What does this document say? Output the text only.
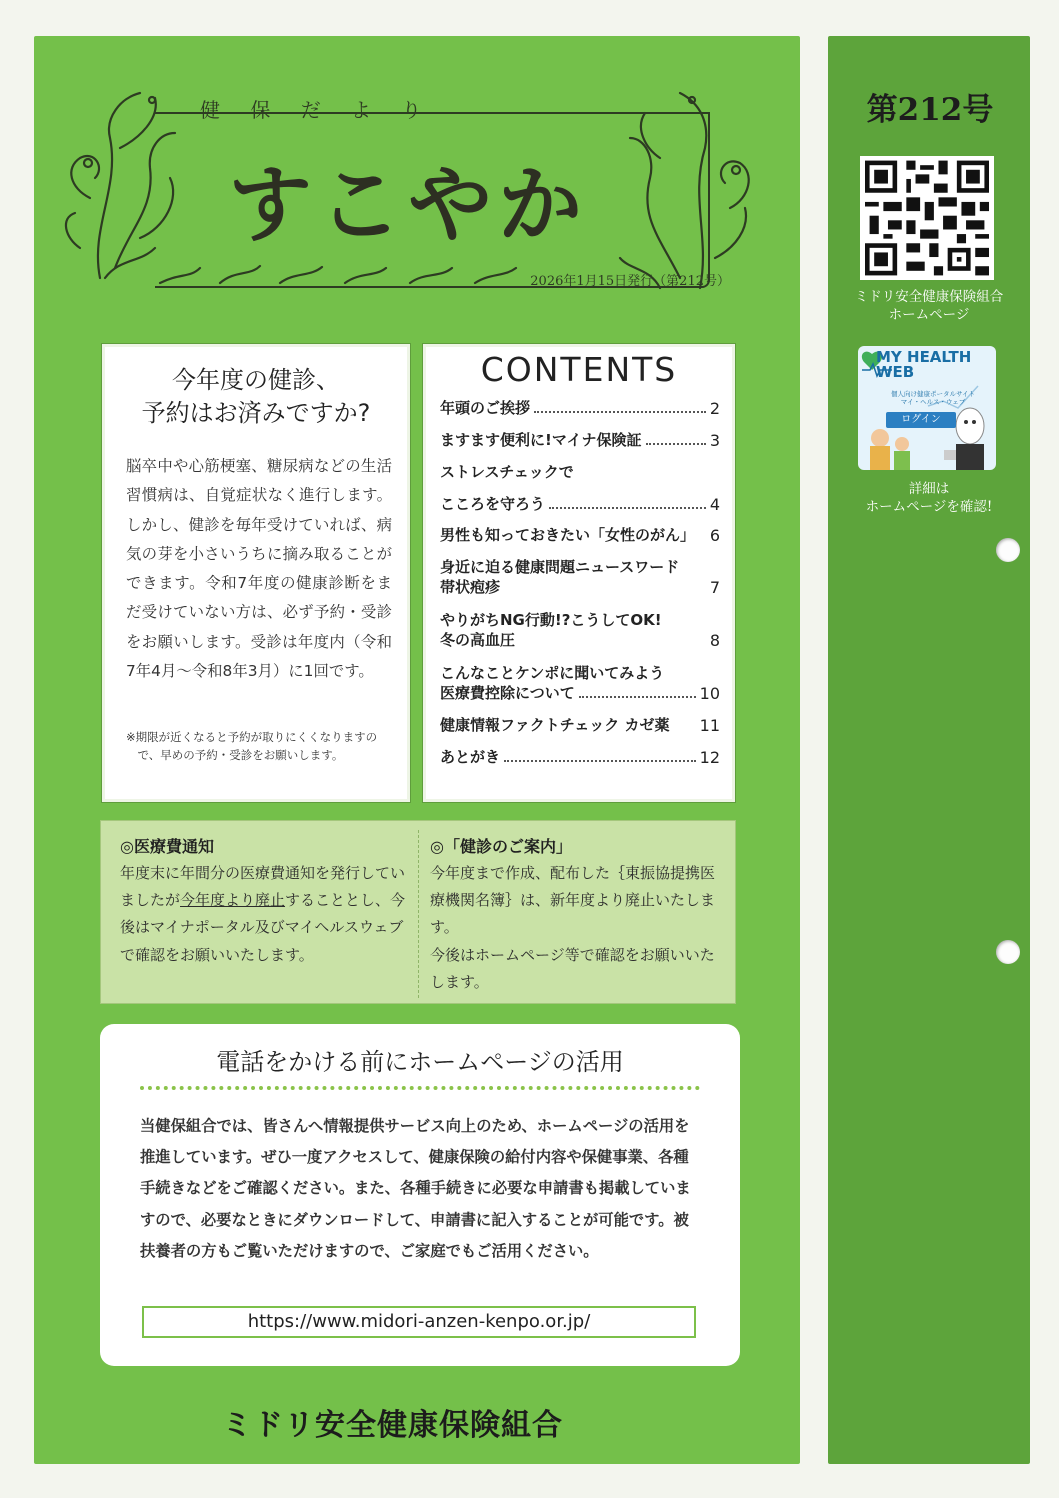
健 保 だ よ り
すこやか
2026年1月15日発行（第212号）
今年度の健診、
予約はお済みですか?
脳卒中や心筋梗塞、糖尿病などの生活習慣病は、自覚症状なく進行します。しかし、健診を毎年受けていれば、病気の芽を小さいうちに摘み取ることができます。令和7年度の健康診断をまだ受けていない方は、必ず予約・受診をお願いします。受診は年度内（令和7年4月～令和8年3月）に1回です。
※期限が近くなると予約が取りにくくなりますので、早めの予約・受診をお願いします。
CONTENTS
年頭のご挨拶	2
ますます便利に!マイナ保険証	3
ストレスチェックで
こころを守ろう	4
男性も知っておきたい「女性のがん」 6
身近に迫る健康問題ニュースワード
帯状疱疹	7
やりがちNG行動!?こうしてOK!
冬の高血圧	8
こんなことケンポに聞いてみよう
医療費控除について	10
健康情報ファクトチェック カゼ薬 11
あとがき	12
◎医療費通知
年度末に年間分の医療費通知を発行していましたが今年度より廃止することとし、今後はマイナポータル及びマイヘルスウェブで確認をお願いいたします。
◎「健診のご案内」
今年度まで作成、配布した｛東振協提携医療機関名簿｝は、新年度より廃止いたします。
今後はホームページ等で確認をお願いいたします。
電話をかける前にホームページの活用
当健保組合では、皆さんへ情報提供サービス向上のため、ホームページの活用を推進しています。ぜひ一度アクセスして、健康保険の給付内容や保健事業、各種手続きなどをご確認ください。また、各種手続きに必要な申請書も掲載していますので、必要なときにダウンロードして、申請書に記入することが可能です。被扶養者の方もご覧いただけますので、ご家庭でもご活用ください。
https://www.midori-anzen-kenpo.or.jp/
ミドリ安全健康保険組合
第212号
ミドリ安全健康保険組合
ホームページ
MY HEALTH
WEB
個人向け健康ポータルサイト
マイ・ヘルス・ウェブ
ログイン
詳細は
ホームページを確認!
